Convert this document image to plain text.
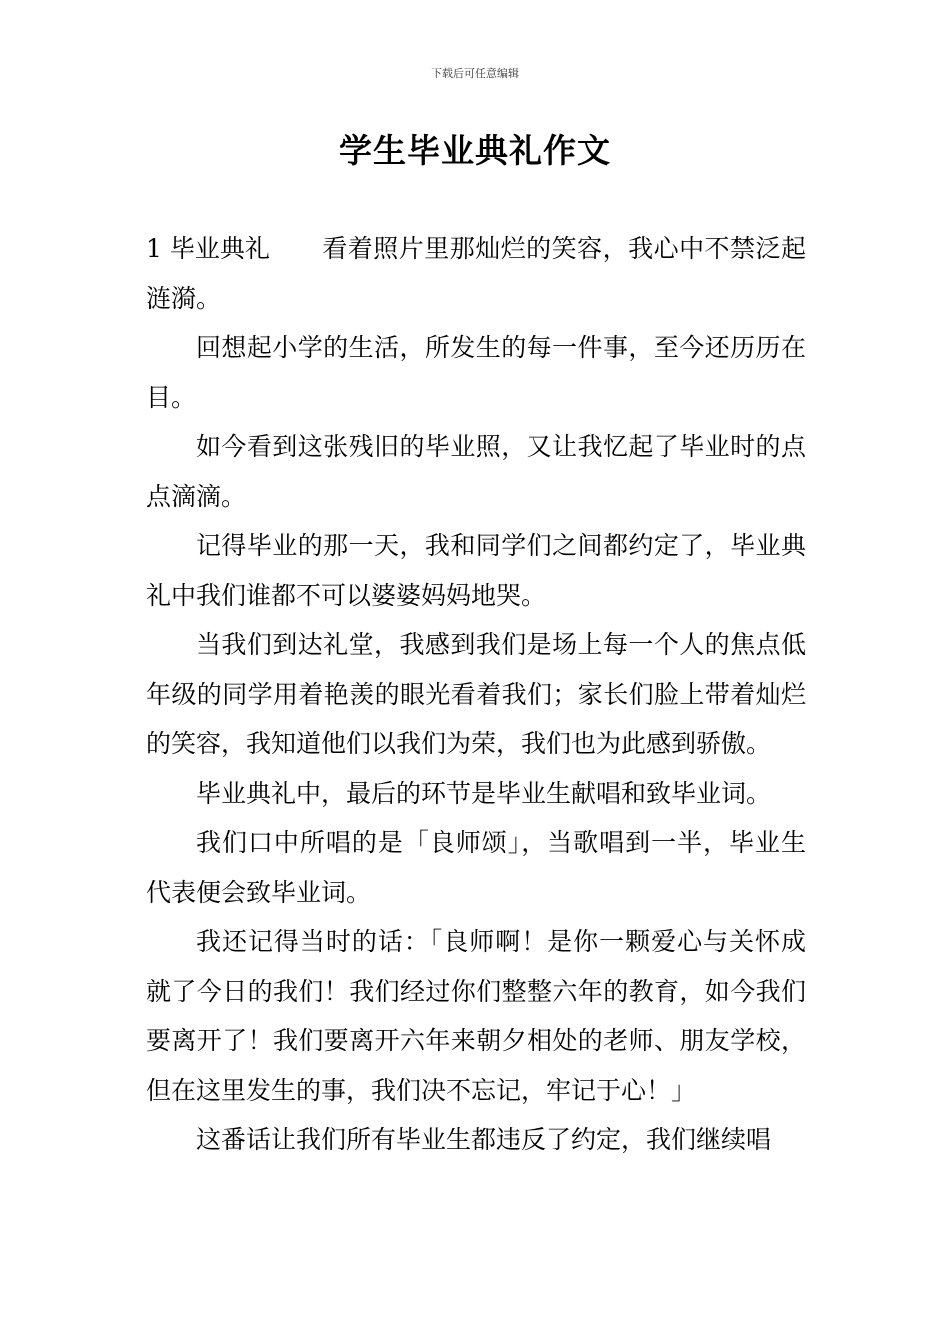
下载后可任意编辑
学生毕业典礼作文

1 毕业典礼 看着照片里那灿烂的笑容，我心中不禁泛起涟漪。

回想起小学的生活，所发生的每一件事，至今还历历在目。

如今看到这张残旧的毕业照，又让我忆起了毕业时的点点滴滴。

记得毕业的那一天，我和同学们之间都约定了，毕业典礼中我们谁都不可以婆婆妈妈地哭。

当我们到达礼堂，我感到我们是场上每一个人的焦点低年级的同学用着艳羡的眼光看着我们；家长们脸上带着灿烂的笑容，我知道他们以我们为荣，我们也为此感到骄傲。

毕业典礼中，最后的环节是毕业生献唱和致毕业词。

我们口中所唱的是「良师颂」，当歌唱到一半，毕业生代表便会致毕业词。

我还记得当时的话：「良师啊！是你一颗爱心与关怀成就了今日的我们！我们经过你们整整六年的教育，如今我们要离开了！我们要离开六年来朝夕相处的老师、朋友学校，但在这里发生的事，我们决不忘记，牢记于心！」

这番话让我们所有毕业生都违反了约定，我们继续唱
